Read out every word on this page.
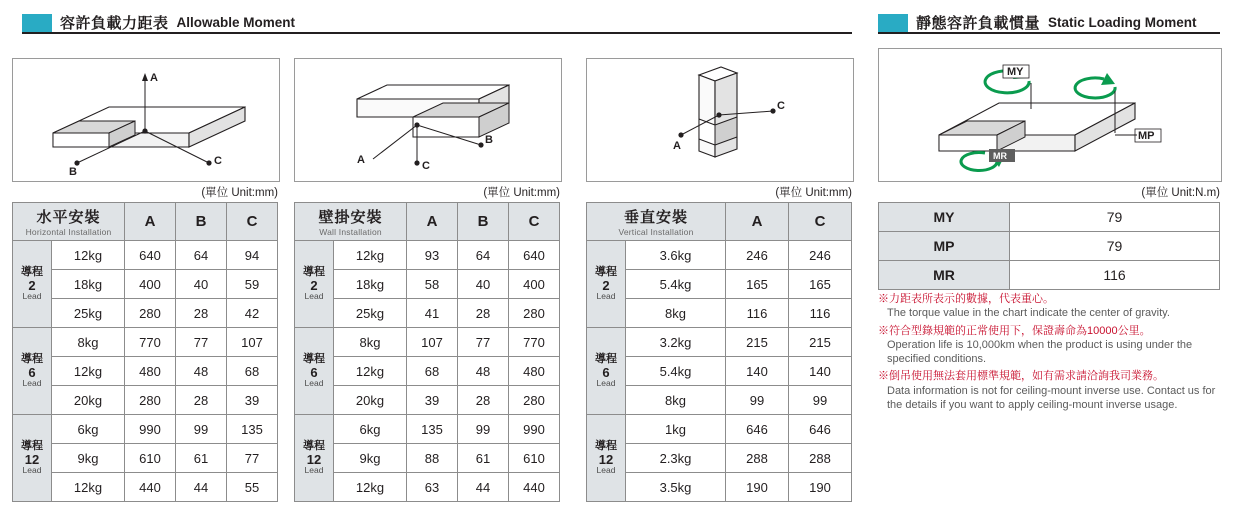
容許負載力距表 Allowable Moment	靜態容許負載慣量 Static Loading Moment
A
C
B
(單位 Unit:mm)
A
B
C
(單位 Unit:mm)
A
C
(單位 Unit:mm)
MY
MP
MR
(單位 Unit:N.m)
水平安裝
Horizontal Installation		A	B	C

導程
2
Lead	12kg	640	64	94
	18kg	400	40	59
	25kg	280	28	42

導程
6
Lead	8kg	770	77	107
	12kg	480	48	68
	20kg	280	28	39

導程
12
Lead	6kg	990	99	135
	9kg	610	61	77
	12kg	440	44	55
壁掛安裝
Wall Installation		A	B	C

導程
2
Lead	12kg	93	64	640
	18kg	58	40	400
	25kg	41	28	280

導程
6
Lead	8kg	107	77	770
	12kg	68	48	480
	20kg	39	28	280

導程
12
Lead	6kg	135	99	990
	9kg	88	61	610
	12kg	63	44	440
垂直安裝
Vertical Installation		A	C

導程
2
Lead	3.6kg	246	246
	5.4kg	165	165
	8kg	116	116

導程
6
Lead	3.2kg	215	215
	5.4kg	140	140
	8kg	99	99

導程
12
Lead	1kg	646	646
	2.3kg	288	288
	3.5kg	190	190
MY	79
MP	79
MR	116
※力距表所表示的數據，代表重心。
The torque value in the chart indicate the center of gravity.
※符合型錄規範的正常使用下，保證壽命為10000公里。
Operation life is 10,000km when the product is using under the specified conditions.
※倒吊使用無法套用標準規範，如有需求請洽詢我司業務。
Data information is not for ceiling-mount inverse use. Contact us for the details if you want to apply ceiling-mount inverse usage.
